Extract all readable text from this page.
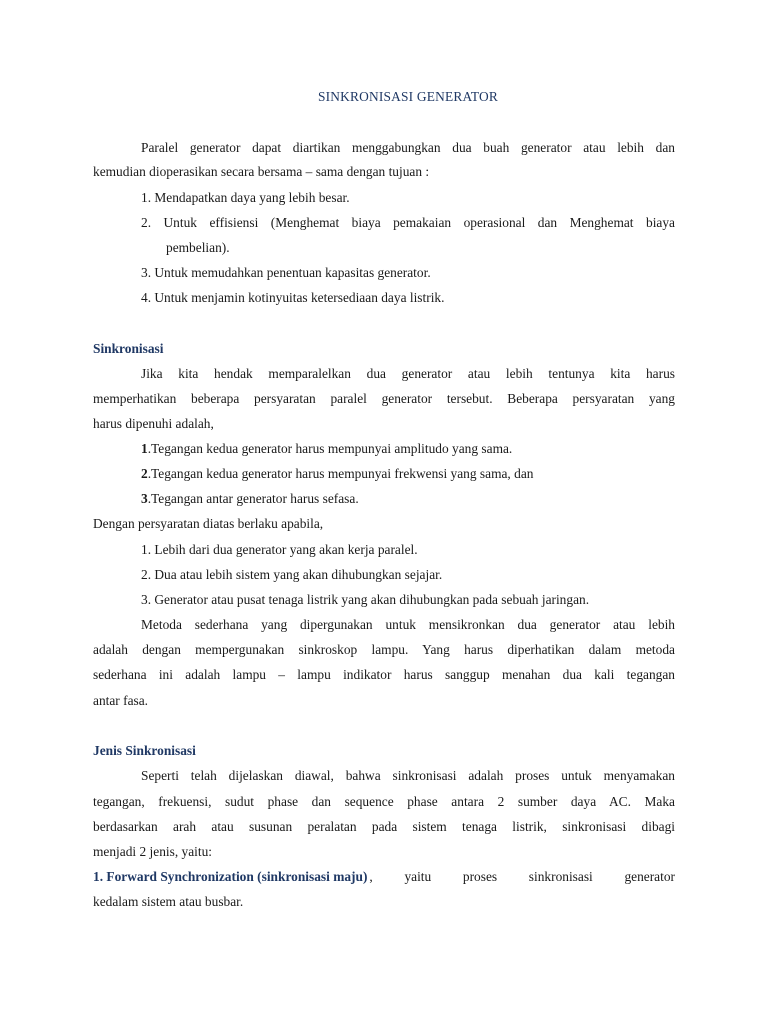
SINKRONISASI GENERATOR
Paralel generator dapat diartikan menggabungkan dua buah generator atau lebih dan
kemudian dioperasikan secara bersama – sama dengan tujuan :
1. Mendapatkan daya yang lebih besar.
2. Untuk effisiensi (Menghemat biaya pemakaian operasional dan Menghemat biaya
pembelian).
3. Untuk memudahkan penentuan kapasitas generator.
4. Untuk menjamin kotinyuitas ketersediaan daya listrik.
Sinkronisasi
Jika kita hendak memparalelkan dua generator atau lebih tentunya kita harus
memperhatikan beberapa persyaratan paralel generator tersebut. Beberapa persyaratan yang
harus dipenuhi adalah,
1.Tegangan kedua generator harus mempunyai amplitudo yang sama.
2.Tegangan kedua generator harus mempunyai frekwensi yang sama, dan
3.Tegangan antar generator harus sefasa.
Dengan persyaratan diatas berlaku apabila,
1. Lebih dari dua generator yang akan kerja paralel.
2. Dua atau lebih sistem yang akan dihubungkan sejajar.
3. Generator atau pusat tenaga listrik yang akan dihubungkan pada sebuah jaringan.
Metoda sederhana yang dipergunakan untuk mensikronkan dua generator atau lebih
adalah dengan mempergunakan sinkroskop lampu. Yang harus diperhatikan dalam metoda
sederhana ini adalah lampu – lampu indikator harus sanggup menahan dua kali tegangan
antar fasa.
Jenis Sinkronisasi
Seperti telah dijelaskan diawal, bahwa sinkronisasi adalah proses untuk menyamakan
tegangan, frekuensi, sudut phase dan sequence phase antara 2 sumber daya AC. Maka
berdasarkan arah atau susunan peralatan pada sistem tenaga listrik, sinkronisasi dibagi
menjadi 2 jenis, yaitu:
1. Forward Synchronization (sinkronisasi maju) , yaitu proses sinkronisasi generator
kedalam sistem atau busbar.
